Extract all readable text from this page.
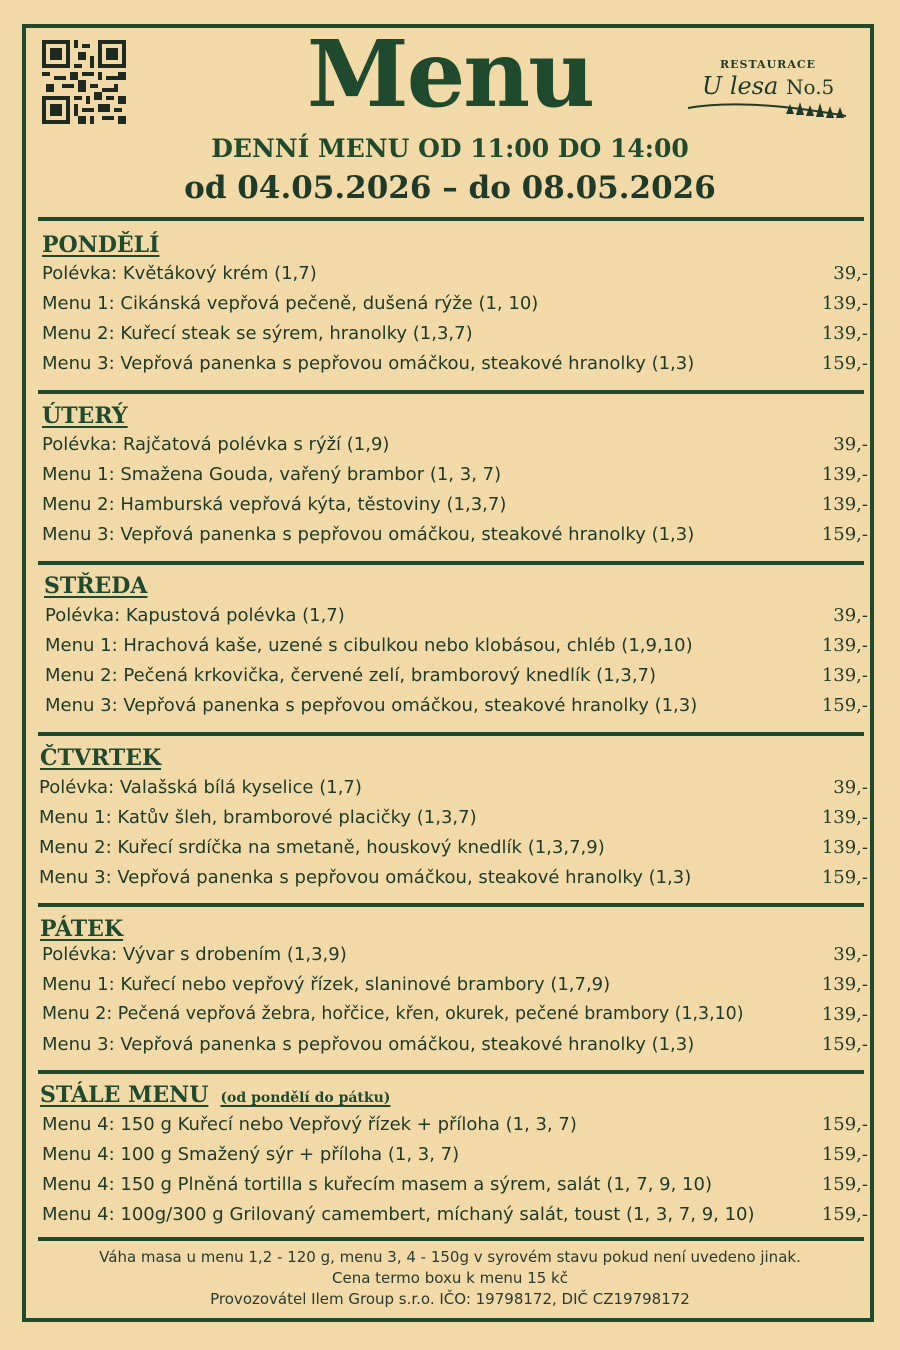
Menu	RESTAURACE
U lesa No.5
DENNÍ MENU OD 11:00 DO 14:00
od 04.05.2026 – do 08.05.2026
PONDĚLÍ
Polévka: Květákový krém (1,7)	39,-
Menu 1: Cikánská vepřová pečeně, dušená rýže (1, 10)	139,-
Menu 2: Kuřecí steak se sýrem, hranolky (1,3,7)	139,-
Menu 3: Vepřová panenka s pepřovou omáčkou, steakové hranolky (1,3)	159,-
ÚTERÝ
Polévka: Rajčatová polévka s rýží (1,9)	39,-
Menu 1: Smažena Gouda, vařený brambor (1, 3, 7)	139,-
Menu 2: Hamburská vepřová kýta, těstoviny (1,3,7)	139,-
Menu 3: Vepřová panenka s pepřovou omáčkou, steakové hranolky (1,3)	159,-
STŘEDA
Polévka: Kapustová polévka (1,7)	39,-
Menu 1: Hrachová kaše, uzené s cibulkou nebo klobásou, chléb (1,9,10)	139,-
Menu 2: Pečená krkovička, červené zelí, bramborový knedlík (1,3,7)	139,-
Menu 3: Vepřová panenka s pepřovou omáčkou, steakové hranolky (1,3)	159,-
ČTVRTEK
Polévka: Valašská bílá kyselice (1,7)	39,-
Menu 1: Katův šleh, bramborové placičky (1,3,7)	139,-
Menu 2: Kuřecí srdíčka na smetaně, houskový knedlík (1,3,7,9)	139,-
Menu 3: Vepřová panenka s pepřovou omáčkou, steakové hranolky (1,3)	159,-
PÁTEK
Polévka: Vývar s drobením (1,3,9)	39,-
Menu 1: Kuřecí nebo vepřový řízek, slaninové brambory (1,7,9)	139,-
Menu 2: Pečená vepřová žebra, hořčice, křen, okurek, pečené brambory (1,3,10)	139,-
Menu 3: Vepřová panenka s pepřovou omáčkou, steakové hranolky (1,3)	159,-
STÁLE MENU (od pondělí do pátku)
Menu 4: 150 g Kuřecí nebo Vepřový řízek + příloha (1, 3, 7)	159,-
Menu 4: 100 g Smažený sýr + příloha (1, 3, 7)	159,-
Menu 4: 150 g Plněná tortilla s kuřecím masem a sýrem, salát (1, 7, 9, 10)	159,-
Menu 4: 100g/300 g Grilovaný camembert, míchaný salát, toust (1, 3, 7, 9, 10)	159,-
Váha masa u menu 1,2 - 120 g, menu 3, 4 - 150g v syrovém stavu pokud není uvedeno jinak.
Cena termo boxu k menu 15 kč
Provozovátel Ilem Group s.r.o. IČO: 19798172, DIČ CZ19798172
